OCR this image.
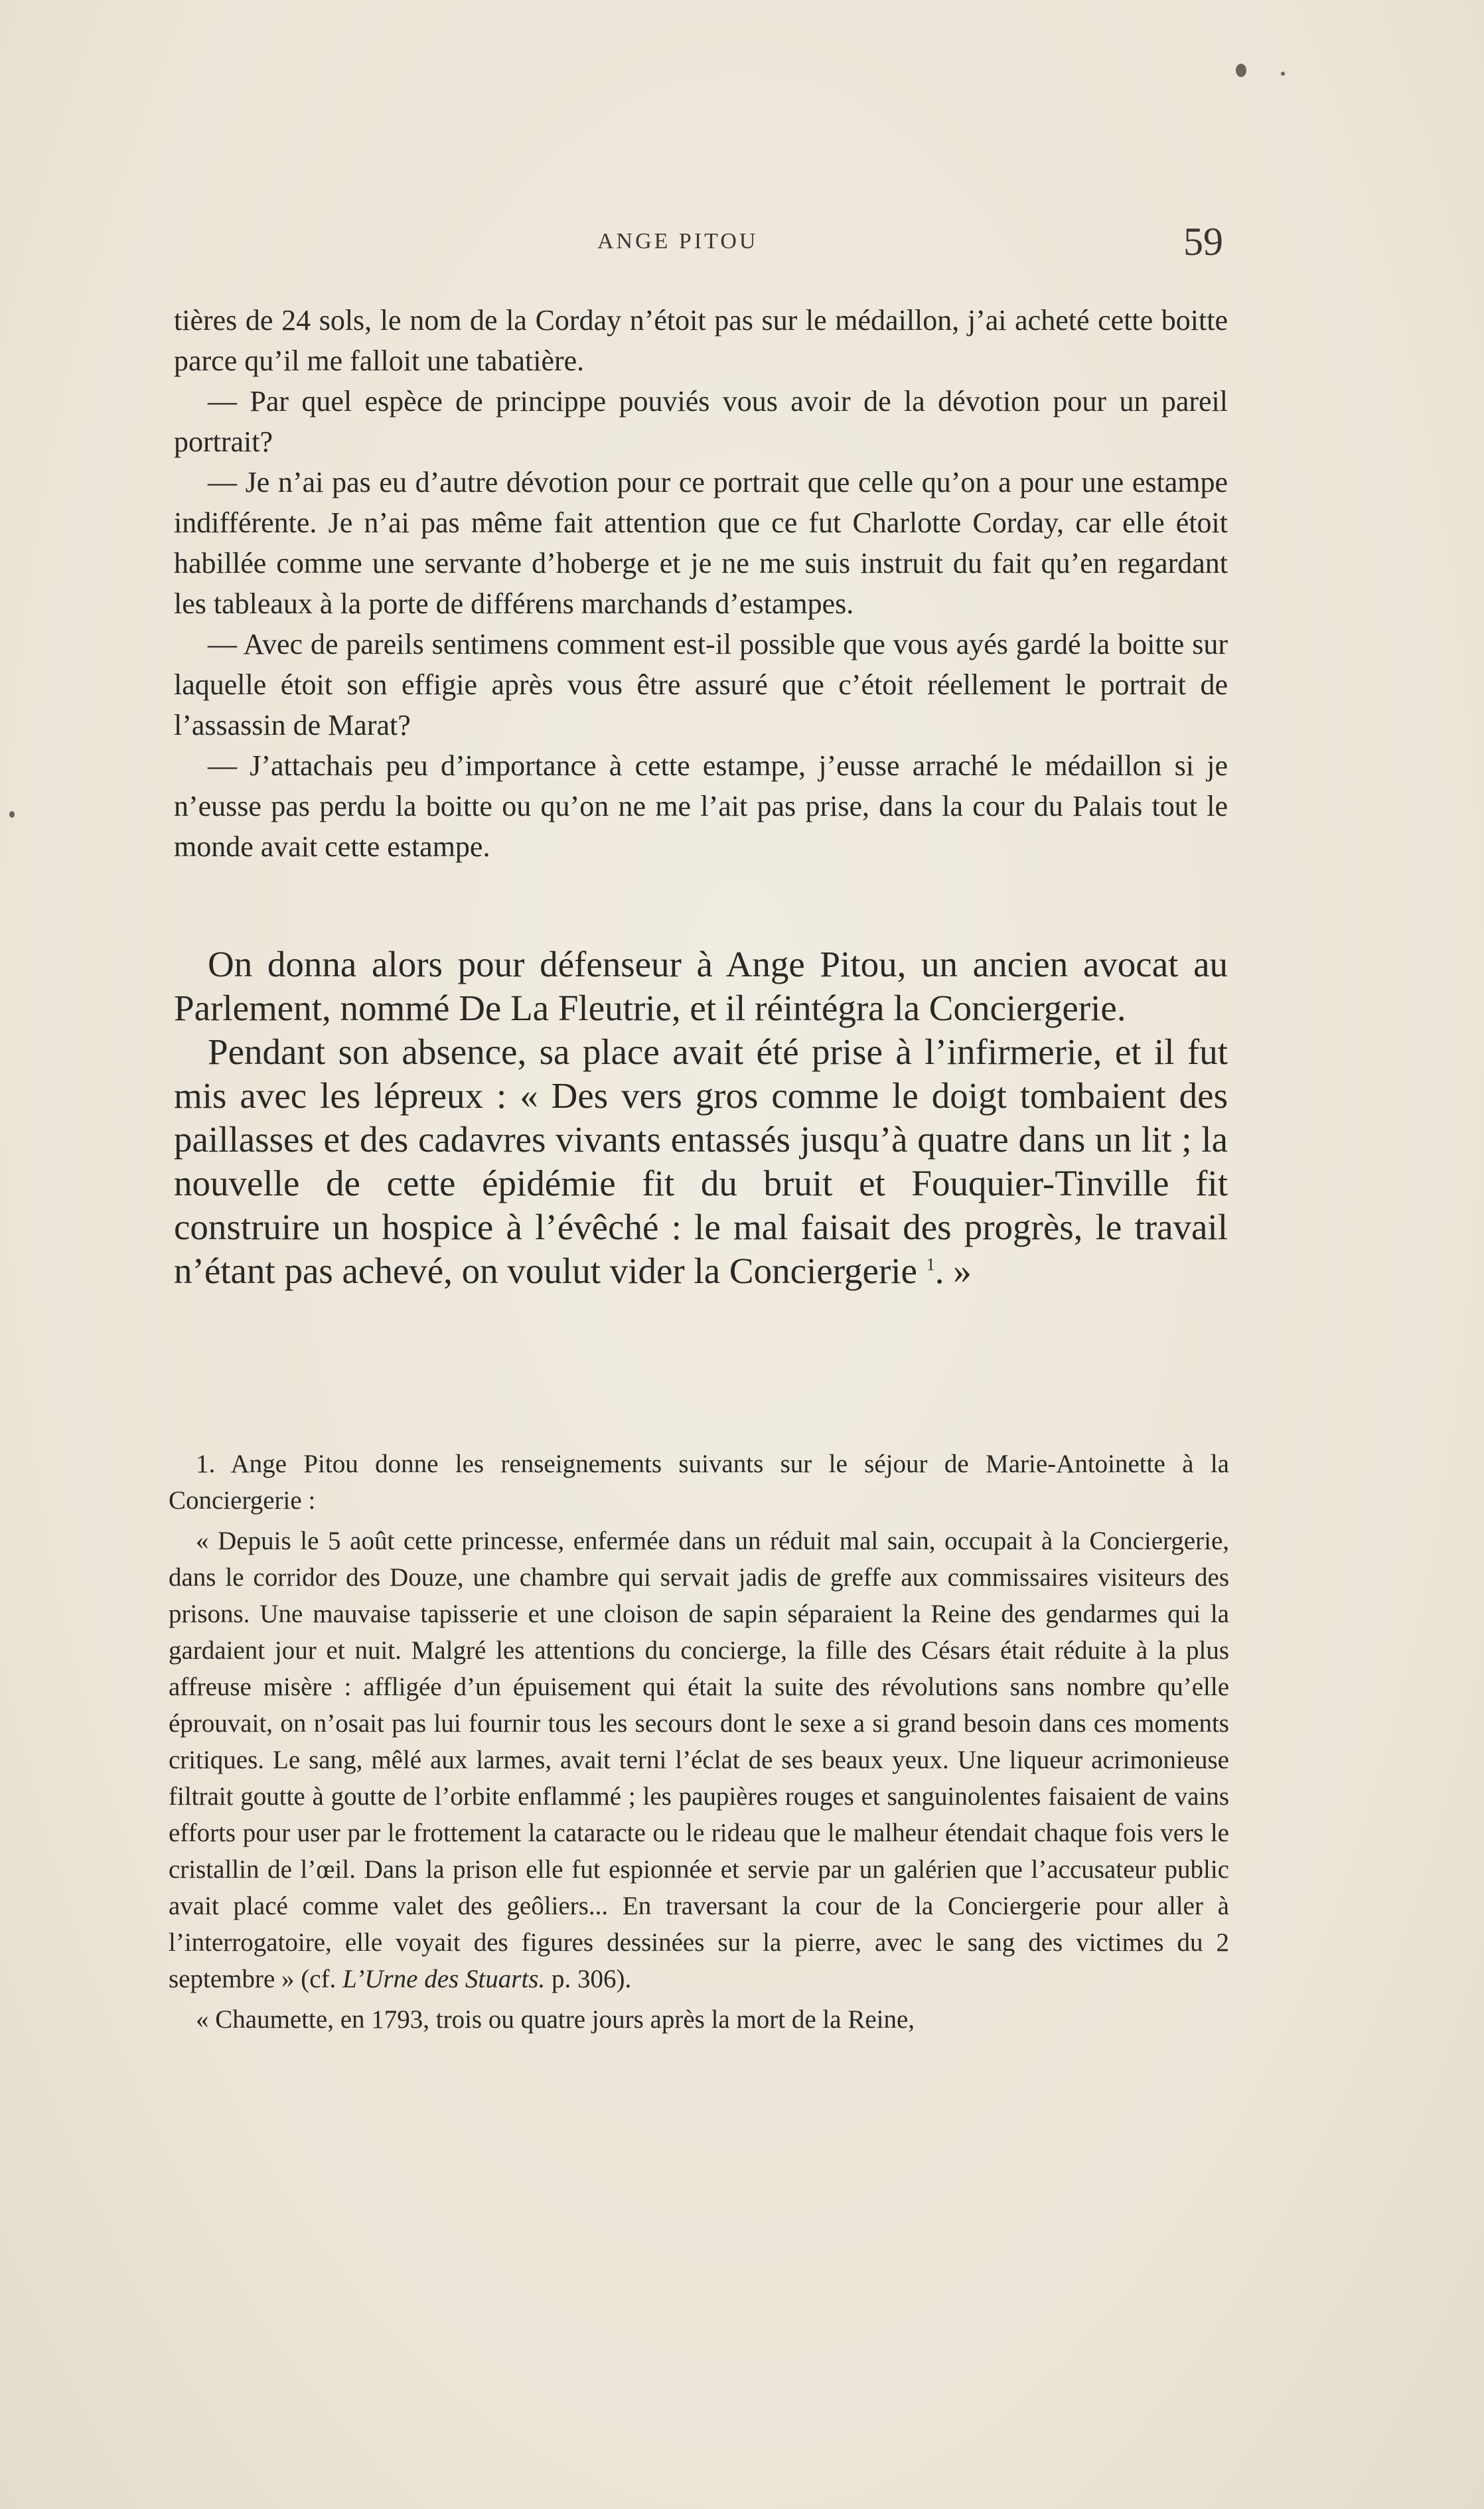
ANGE PITOU	59

tières de 24 sols, le nom de la Corday n’étoit pas sur le médaillon, j’ai acheté cette boitte parce qu’il me falloit une tabatière.

— Par quel espèce de princippe pouviés vous avoir de la dévotion pour un pareil portrait?

— Je n’ai pas eu d’autre dévotion pour ce portrait que celle qu’on a pour une estampe indifférente. Je n’ai pas même fait attention que ce fut Charlotte Corday, car elle étoit habillée comme une servante d’hoberge et je ne me suis instruit du fait qu’en regardant les tableaux à la porte de différens marchands d’estampes.

— Avec de pareils sentimens comment est-il possible que vous ayés gardé la boitte sur laquelle étoit son effigie après vous être assuré que c’étoit réellement le portrait de l’assassin de Marat?

— J’attachais peu d’importance à cette estampe, j’eusse arraché le médaillon si je n’eusse pas perdu la boitte ou qu’on ne me l’ait pas prise, dans la cour du Palais tout le monde avait cette estampe.

On donna alors pour défenseur à Ange Pitou, un ancien avocat au Parlement, nommé De La Fleutrie, et il réintégra la Conciergerie.

Pendant son absence, sa place avait été prise à l’infirmerie, et il fut mis avec les lépreux : « Des vers gros comme le doigt tombaient des paillasses et des cadavres vivants entassés jusqu’à quatre dans un lit ; la nouvelle de cette épidémie fit du bruit et Fouquier-Tinville fit construire un hospice à l’évêché : le mal faisait des progrès, le travail n’étant pas achevé, on voulut vider la Conciergerie $^1$. »

1. Ange Pitou donne les renseignements suivants sur le séjour de Marie-Antoinette à la Conciergerie :

« Depuis le 5 août cette princesse, enfermée dans un réduit mal sain, occupait à la Conciergerie, dans le corridor des Douze, une chambre qui servait jadis de greffe aux commissaires visiteurs des prisons. Une mauvaise tapisserie et une cloison de sapin séparaient la Reine des gendarmes qui la gardaient jour et nuit. Malgré les attentions du concierge, la fille des Césars était réduite à la plus affreuse misère : affligée d’un épuisement qui était la suite des révolutions sans nombre qu’elle éprouvait, on n’osait pas lui fournir tous les secours dont le sexe a si grand besoin dans ces moments critiques. Le sang, mêlé aux larmes, avait terni l’éclat de ses beaux yeux. Une liqueur acrimonieuse filtrait goutte à goutte de l’orbite enflammé ; les paupières rouges et sanguinolentes faisaient de vains efforts pour user par le frottement la cataracte ou le rideau que le malheur étendait chaque fois vers le cristallin de l’œil. Dans la prison elle fut espionnée et servie par un galérien que l’accusateur public avait placé comme valet des geôliers... En traversant la cour de la Conciergerie pour aller à l’interrogatoire, elle voyait des figures dessinées sur la pierre, avec le sang des victimes du 2 septembre » (cf. L’Urne des Stuarts. p. 306).

« Chaumette, en 1793, trois ou quatre jours après la mort de la Reine,
